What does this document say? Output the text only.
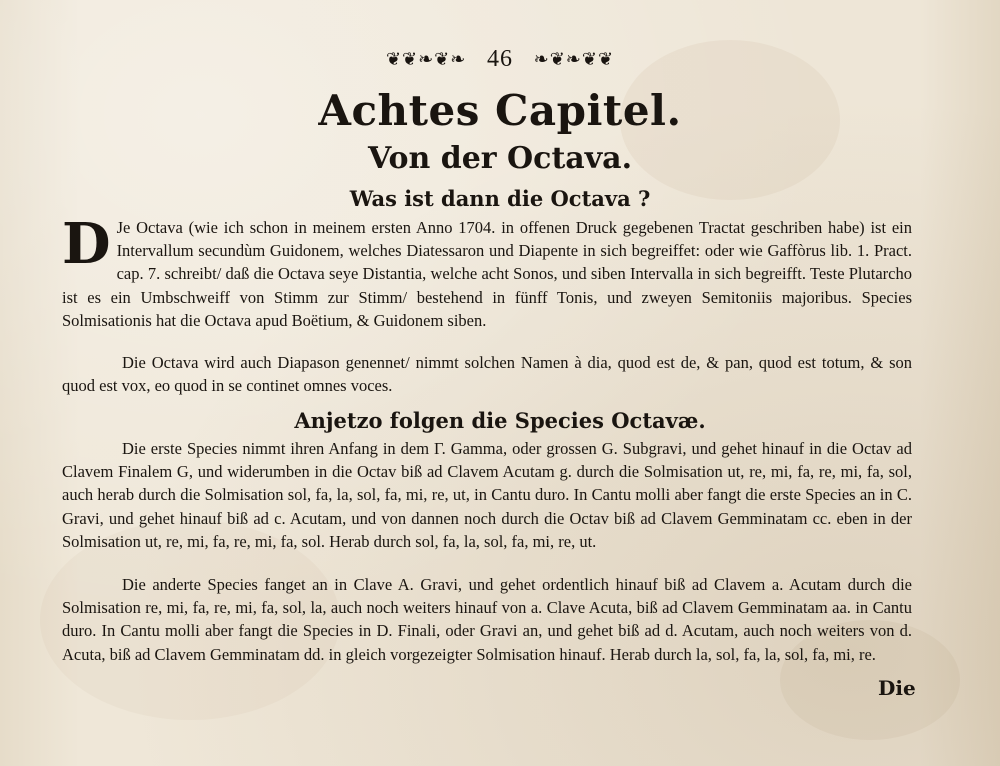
❦❦❧❦❧ 46 ❧❦❧❦❦
Achtes Capitel.
Von der Octava.
Was ist dann die Octava ?
D Je Octava (wie ich schon in meinem ersten Anno 1704. in offenen Druck gegebenen Tractat geschriben habe) ist ein Intervallum secundùm Guidonem, welches Diatessaron und Diapente in sich begreiffet: oder wie Gaffòrus lib. 1. Pract. cap. 7. schreibt/ daß die Octava seye Distantia, welche acht Sonos, und siben Intervalla in sich begreifft. Teste Plutarcho ist es ein Umbschweiff von Stimm zur Stimm/ bestehend in fünff Tonis, und zweyen Semitoniis majoribus. Species Solmisationis hat die Octava apud Boëtium, & Guidonem siben.
Die Octava wird auch Diapason genennet/ nimmt solchen Namen à dia, quod est de, & pan, quod est totum, & son quod est vox, eo quod in se continet omnes voces.
Anjetzo folgen die Species Octavæ.
Die erste Species nimmt ihren Anfang in dem Γ. Gamma, oder grossen G. Subgravi, und gehet hinauf in die Octav ad Clavem Finalem G, und widerumben in die Octav biß ad Clavem Acutam g. durch die Solmisation ut, re, mi, fa, re, mi, fa, sol, auch herab durch die Solmisation sol, fa, la, sol, fa, mi, re, ut, in Cantu duro. In Cantu molli aber fangt die erste Species an in C. Gravi, und gehet hinauf biß ad c. Acutam, und von dannen noch durch die Octav biß ad Clavem Gemminatam cc. eben in der Solmisation ut, re, mi, fa, re, mi, fa, sol. Herab durch sol, fa, la, sol, fa, mi, re, ut.
Die anderte Species fanget an in Clave A. Gravi, und gehet ordentlich hinauf biß ad Clavem a. Acutam durch die Solmisation re, mi, fa, re, mi, fa, sol, la, auch noch weiters hinauf von a. Clave Acuta, biß ad Clavem Gemminatam aa. in Cantu duro. In Cantu molli aber fangt die Species in D. Finali, oder Gravi an, und gehet biß ad d. Acutam, auch noch weiters von d. Acuta, biß ad Clavem Gemminatam dd. in gleich vorgezeigter Solmisation hinauf. Herab durch la, sol, fa, la, sol, fa, mi, re.
Die
